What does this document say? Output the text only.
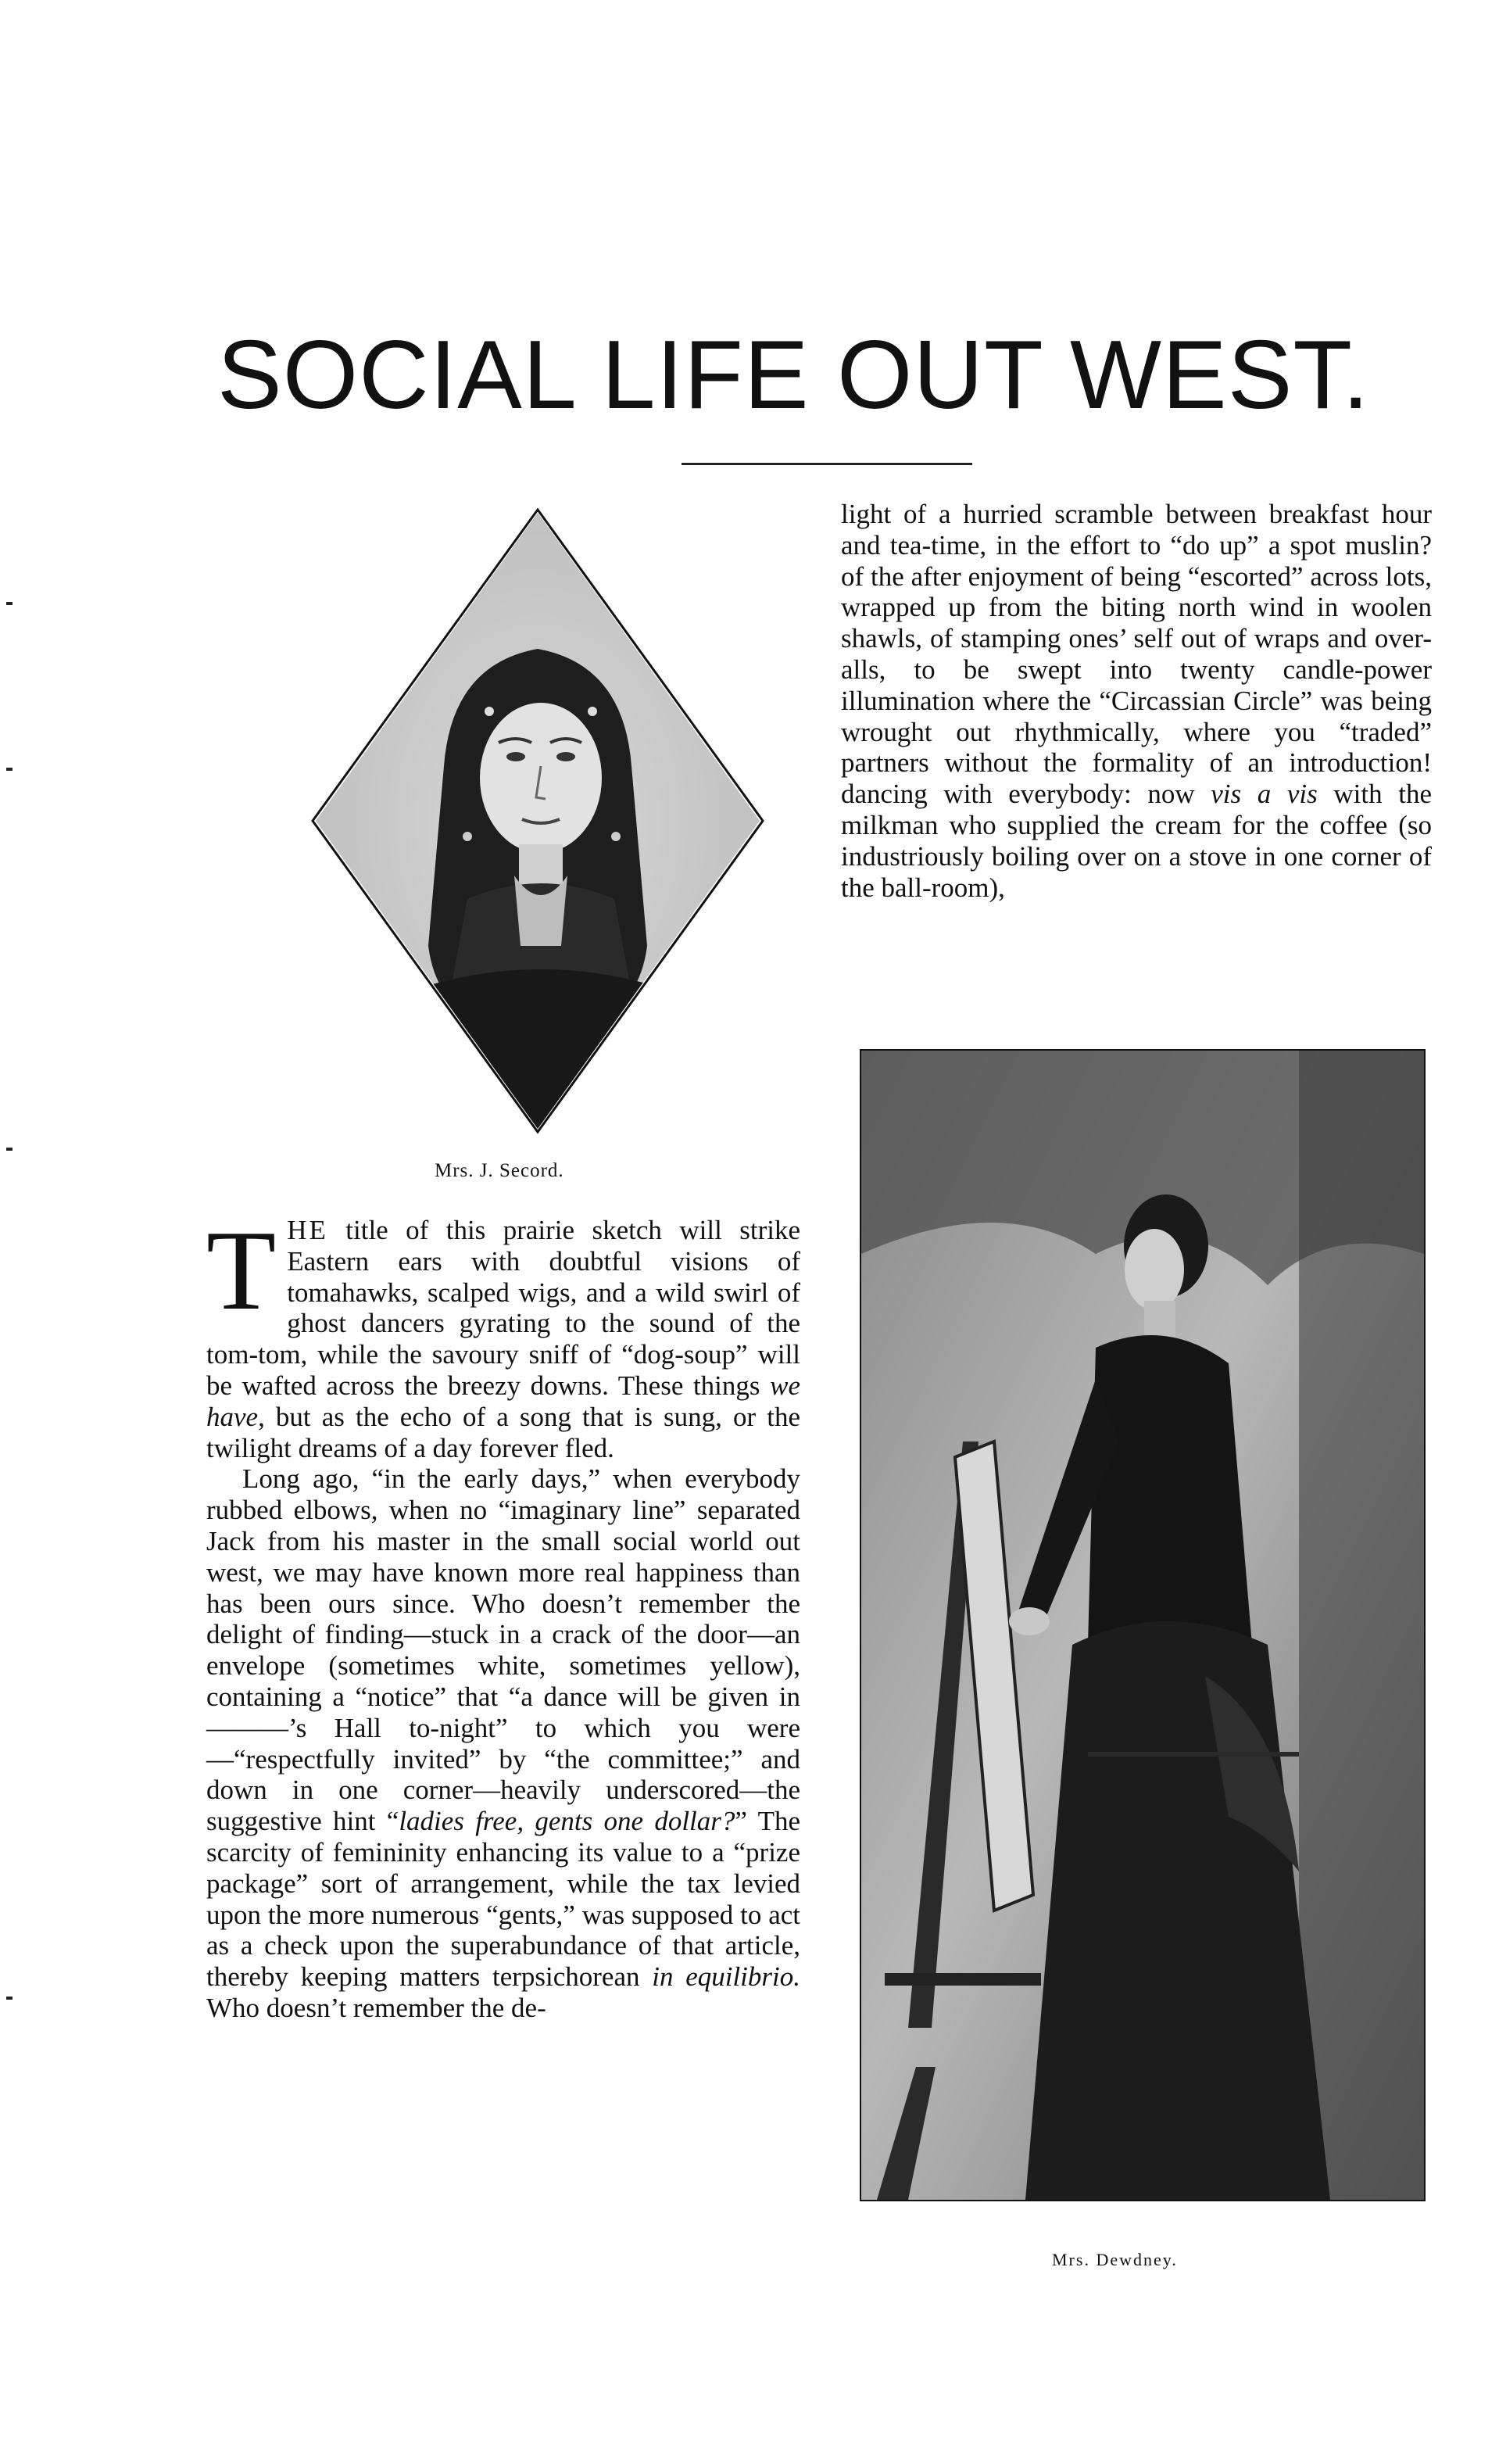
SOCIAL LIFE OUT WEST.
Mrs. J. Secord.

THE title of this prairie sketch will strike Eastern ears with doubtful visions of tomahawks, scalped wigs, and a wild swirl of ghost dancers gyrating to the sound of the tom-tom, while the savoury sniff of “dog-soup” will be wafted across the breezy downs. These things we have, but as the echo of a song that is sung, or the twilight dreams of a day forever fled.

Long ago, “in the early days,” when everybody rubbed elbows, when no “imaginary line” separated Jack from his master in the small social world out west, we may have known more real happiness than has been ours since. Who doesn’t remember the delight of finding—stuck in a crack of the door—an envelope (sometimes white, sometimes yellow), containing a “notice” that “a dance will be given in ———’s Hall to-night” to which you were—“respectfully invited” by “the committee;” and down in one corner—heavily underscored—the suggestive hint “ladies free, gents one dollar?” The scarcity of femininity enhancing its value to a “prize package” sort of arrangement, while the tax levied upon the more numerous “gents,” was supposed to act as a check upon the superabundance of that article, thereby keeping matters terpsichorean in equilibrio. Who doesn’t remember the de-

light of a hurried scramble between breakfast hour and tea-time, in the effort to “do up” a spot muslin? of the after enjoyment of being “escorted” across lots, wrapped up from the biting north wind in woolen shawls, of stamping ones’ self out of wraps and over-alls, to be swept into twenty candle-power illumination where the “Circassian Circle” was being wrought out rhythmically, where you “traded” partners without the formality of an introduction! dancing with everybody: now vis a vis with the milkman who supplied the cream for the coffee (so industriously boiling over on a stove in one corner of the ball-room),

Mrs. Dewdney.
